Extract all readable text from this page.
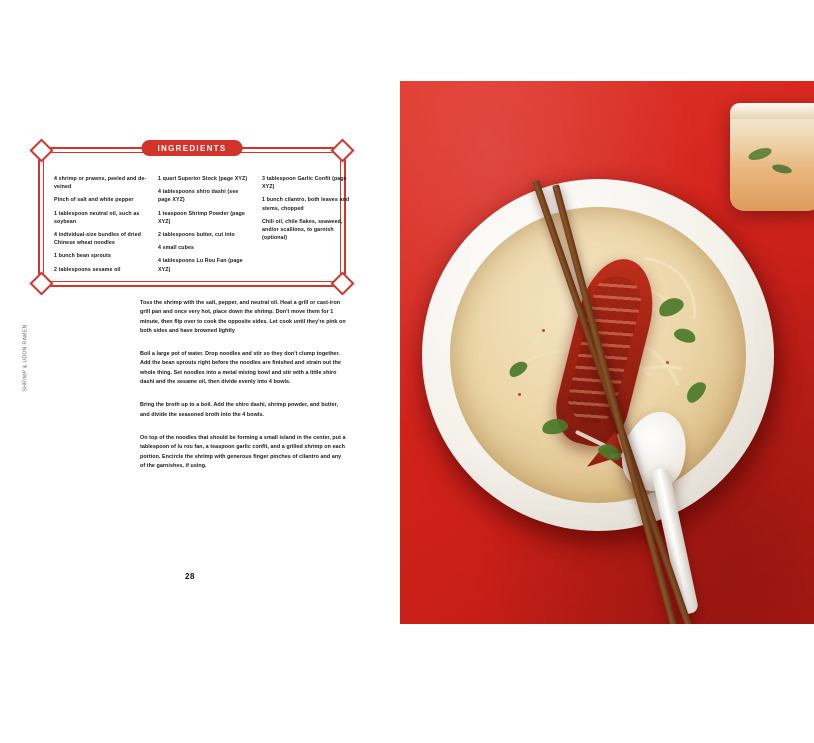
SHRIMP & UDON RAMEN
INGREDIENTS
4 shrimp or prawns, peeled and de-veined
Pinch of salt and white pepper
1 tablespoon neutral oil, such as soybean
4 individual-size bundles of dried Chinese wheat noodles
1 bunch bean sprouts
2 tablespoons sesame oil
1 quart Superior Stock (page XYZ)
4 tablespoons shiro dashi (see page XYZ)
1 teaspoon Shrimp Powder (page XYZ)
2 tablespoons butter, cut into
4 small cubes
4 tablespoons Lu Rou Fan (page XYZ)
3 tablespoon Garlic Confit (page XYZ)
1 bunch cilantro, both leaves and stems, chopped
Chili oil, chile flakes, seaweed, and/or scallions, to garnish (optional)

Toss the shrimp with the salt, pepper, and neutral oil. Heat a grill or cast-iron grill pan and once very hot, place down the shrimp. Don't move them for 1 minute, then flip over to cook the opposite sides. Let cook until they're pink on both sides and have browned lightly

Boil a large pot of water. Drop noodles and stir so they don't clump together. Add the bean sprouts right before the noodles are finished and strain out the whole thing. Set noodles into a metal mixing bowl and stir with a little shiro dashi and the sesame oil, then divide evenly into 4 bowls.

Bring the broth up to a boil. Add the shiro dashi, shrimp powder, and butter, and divide the seasoned broth into the 4 bowls.

On top of the noodles that should be forming a small island in the center, put a tablespoon of lu rou fan, a teaspoon garlic confit, and a grilled shrimp on each portion. Encircle the shrimp with generous finger pinches of cilantro and any of the garnishes, if using.

28
